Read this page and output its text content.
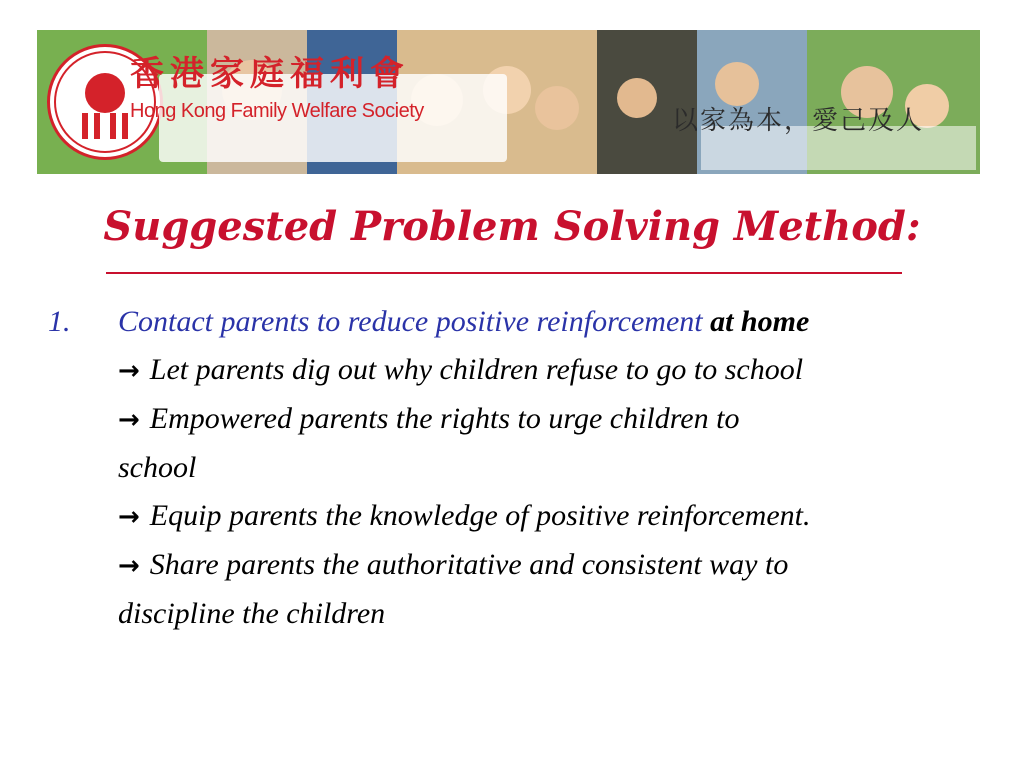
香港家庭福利會
Hong Kong Family Welfare Society	以家為本，愛己及人
Suggested Problem Solving Method:
1. Contact parents to reduce positive reinforcement at home
→ Let parents dig out why children refuse to go to school
→ Empowered parents the rights to urge children to
school
→ Equip parents the knowledge of positive reinforcement.
→ Share parents the authoritative and consistent way to
discipline the children
